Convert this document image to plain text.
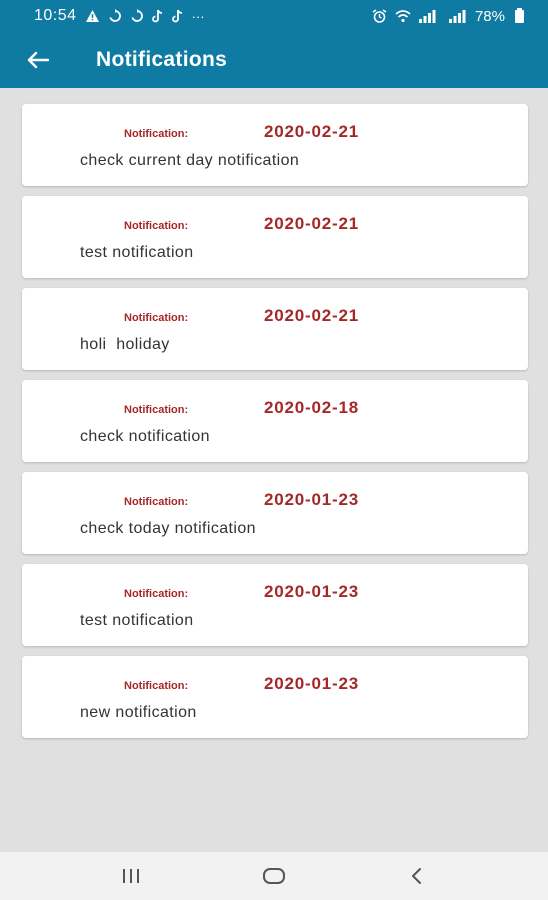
10:54	···	78%
Notifications
Notification:	2020-02-21
check current day notification
Notification:	2020-02-21
test notification
Notification:	2020-02-21
holi  holiday
Notification:	2020-02-18
check notification
Notification:	2020-01-23
check today notification
Notification:	2020-01-23
test notification
Notification:	2020-01-23
new notification
